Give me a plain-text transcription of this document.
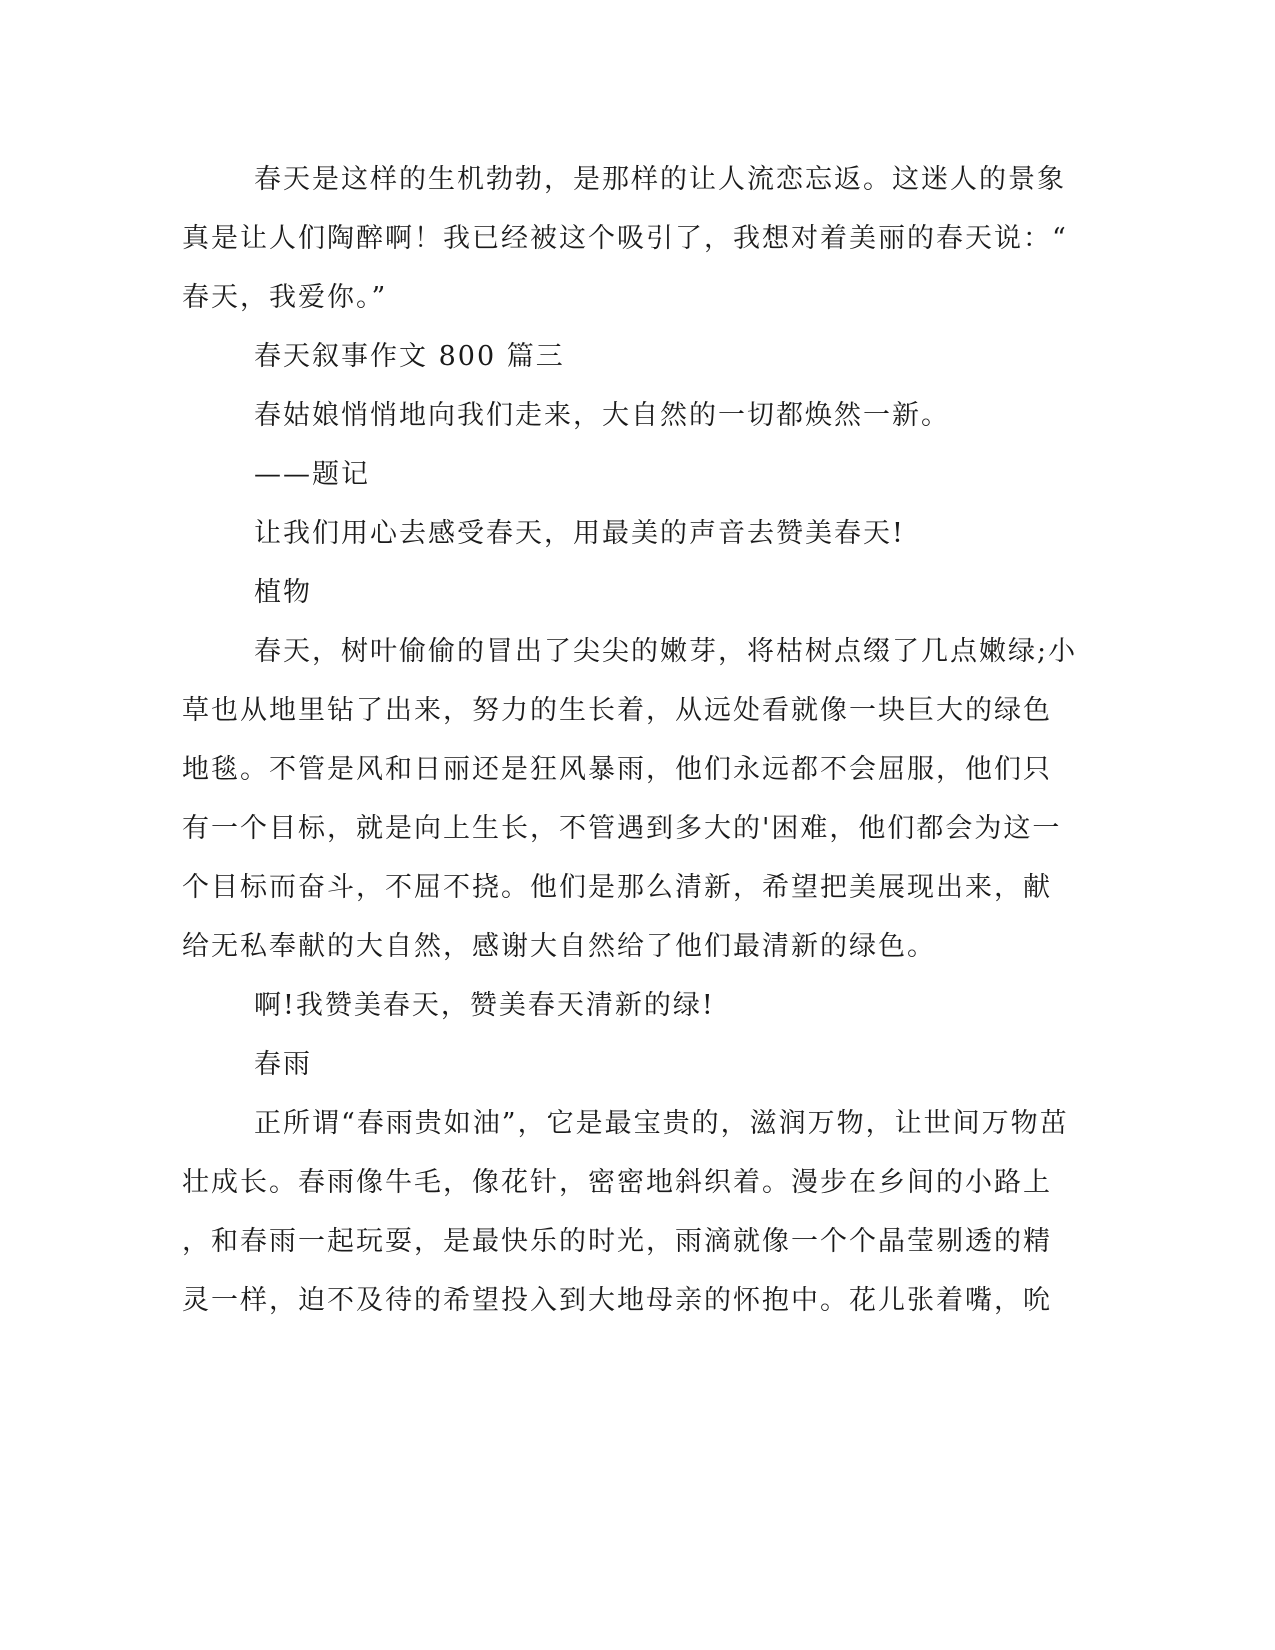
春天是这样的生机勃勃，是那样的让人流恋忘返。这迷人的景象
真是让人们陶醉啊！我已经被这个吸引了，我想对着美丽的春天说：“
春天，我爱你。”
春天叙事作文 800 篇三
春姑娘悄悄地向我们走来，大自然的一切都焕然一新。
——题记
让我们用心去感受春天，用最美的声音去赞美春天!
植物
春天，树叶偷偷的冒出了尖尖的嫩芽，将枯树点缀了几点嫩绿;小
草也从地里钻了出来，努力的生长着，从远处看就像一块巨大的绿色
地毯。不管是风和日丽还是狂风暴雨，他们永远都不会屈服，他们只
有一个目标，就是向上生长，不管遇到多大的'困难，他们都会为这一
个目标而奋斗，不屈不挠。他们是那么清新，希望把美展现出来，献
给无私奉献的大自然，感谢大自然给了他们最清新的绿色。
啊!我赞美春天，赞美春天清新的绿!
春雨
正所谓“春雨贵如油”，它是最宝贵的，滋润万物，让世间万物茁
壮成长。春雨像牛毛，像花针，密密地斜织着。漫步在乡间的小路上
，和春雨一起玩耍，是最快乐的时光，雨滴就像一个个晶莹剔透的精
灵一样，迫不及待的希望投入到大地母亲的怀抱中。花儿张着嘴，吮
